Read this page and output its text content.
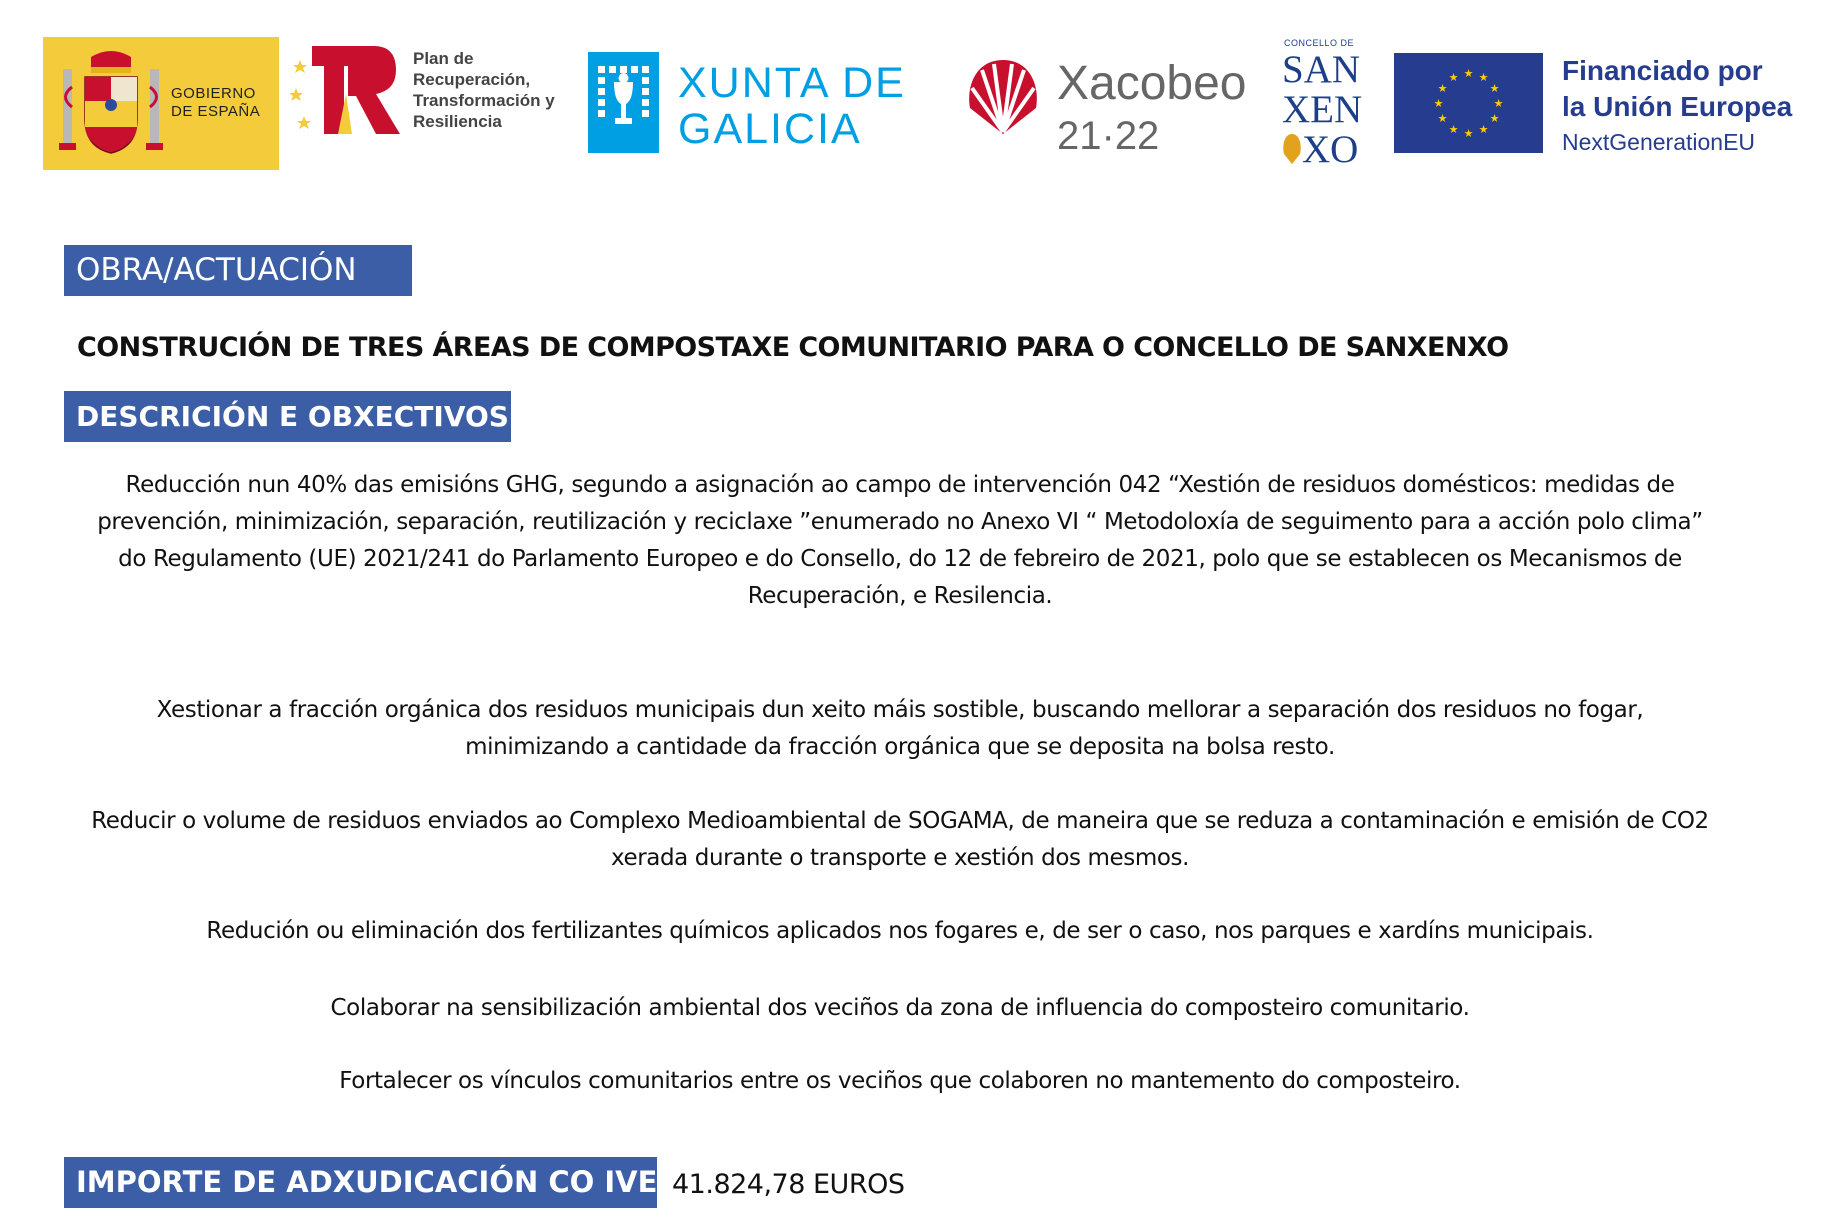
GOBIERNO DE ESPAÑA
Plan de Recuperación, Transformación y Resiliencia
XUNTA DE GALICIA
Xacobeo
21·22
CONCELLO DE
SAN
XEN
XO
★ ★
★
★
★
★
★
★
★
★
★
★	Financiado por
la Unión Europea
NextGenerationEU
OBRA/ACTUACIÓN
CONSTRUCIÓN DE TRES ÁREAS DE COMPOSTAXE COMUNITARIO PARA O CONCELLO DE SANXENXO
DESCRICIÓN E OBXECTIVOS:
Reducción nun 40% das emisións GHG, segundo a asignación ao campo de intervención 042 “Xestión de residuos domésticos: medidas de prevención, minimización, separación, reutilización y reciclaxe ”enumerado no Anexo VI “ Metodoloxía de seguimento para a acción polo clima” do Regulamento (UE) 2021/241 do Parlamento Europeo e do Consello, do 12 de febreiro de 2021, polo que se establecen os Mecanismos de Recuperación, e Resilencia.
Xestionar a fracción orgánica dos residuos municipais dun xeito máis sostible, buscando mellorar a separación dos residuos no fogar, minimizando a cantidade da fracción orgánica que se deposita na bolsa resto.
Reducir o volume de residuos enviados ao Complexo Medioambiental de SOGAMA, de maneira que se reduza a contaminación e emisión de CO2 xerada durante o transporte e xestión dos mesmos.
Redución ou eliminación dos fertilizantes químicos aplicados nos fogares e, de ser o caso, nos parques e xardíns municipais.
Colaborar na sensibilización ambiental dos veciños da zona de influencia do composteiro comunitario.
Fortalecer os vínculos comunitarios entre os veciños que colaboren no mantemento do composteiro.
IMPORTE DE ADXUDICACIÓN CO IVE: 41.824,78 EUROS
